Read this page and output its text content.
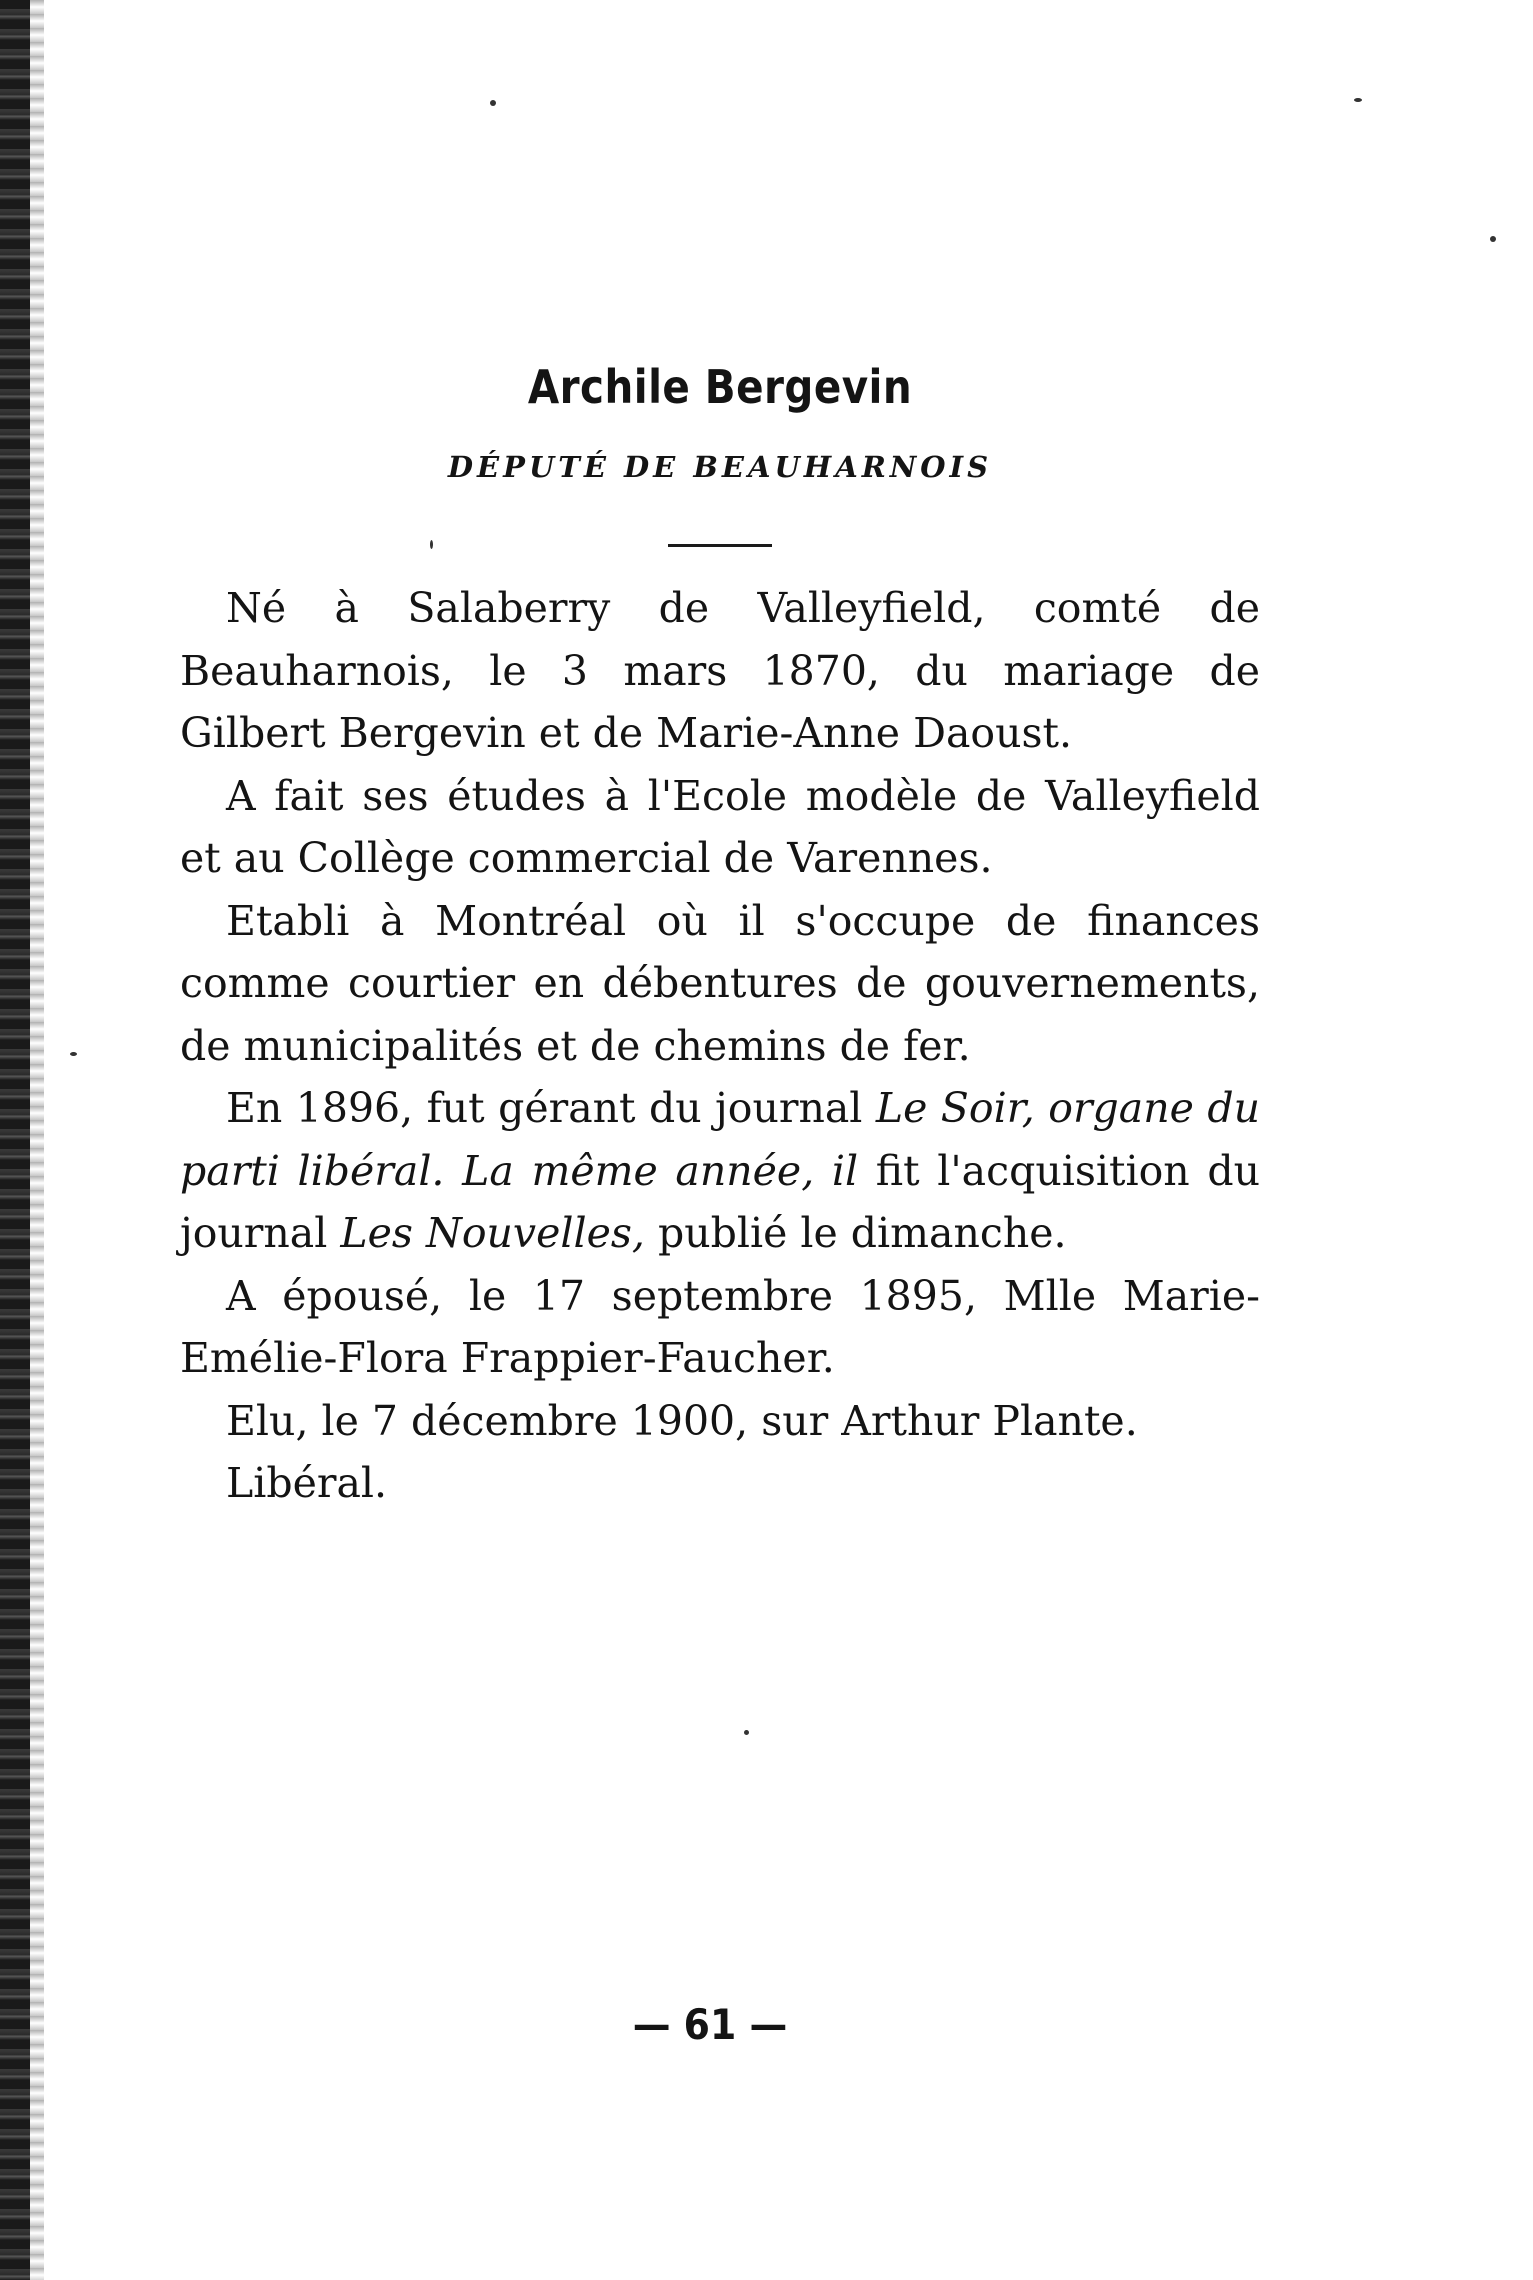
Archile Bergevin
DÉPUTÉ DE BEAUHARNOIS

Né à Salaberry de Valleyfield, comté de Beauharnois, le 3 mars 1870, du mariage de Gilbert Bergevin et de Marie-Anne Daoust.

A fait ses études à l'Ecole modèle de Valleyfield et au Collège commercial de Varennes.

Etabli à Montréal où il s'occupe de finances comme courtier en débentures de gouvernements, de municipalités et de chemins de fer.

En 1896, fut gérant du journal Le Soir, organe du parti libéral. La même année, il fit l'acquisition du journal Les Nouvelles, publié le dimanche.

A épousé, le 17 septembre 1895, Mlle Marie-Emélie-Flora Frappier-Faucher.

Elu, le 7 décembre 1900, sur Arthur Plante.

Libéral.

— 61 —
